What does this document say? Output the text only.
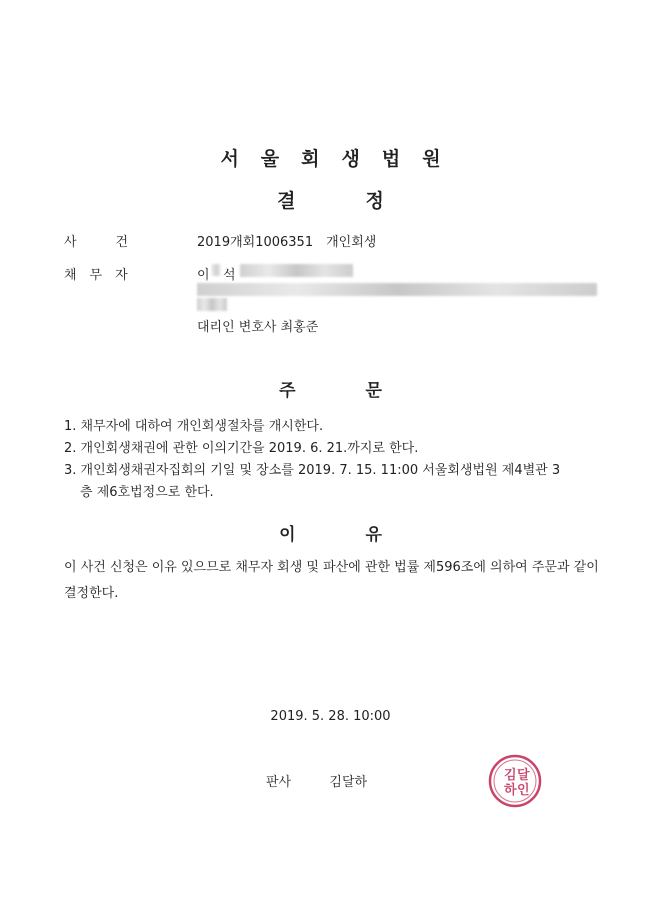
서울회생법원
결	정
사　　　건	2019개회1006351　개인회생
채　무　자	이 석
대리인 변호사 최홍준
주	문
1. 채무자에 대하여 개인회생절차를 개시한다.
2. 개인회생채권에 관한 이의기간을 2019. 6. 21.까지로 한다.
3. 개인회생채권자집회의 기일 및 장소를 2019. 7. 15. 11:00 서울회생법원 제4별관 3
층 제6호법정으로 한다.
이	유
이 사건 신청은 이유 있으므로 채무자 회생 및 파산에 관한 법률 제596조에 의하여 주문과 같이 결정한다.
2019. 5. 28. 10:00
판사	김달하	김 달
하 인
